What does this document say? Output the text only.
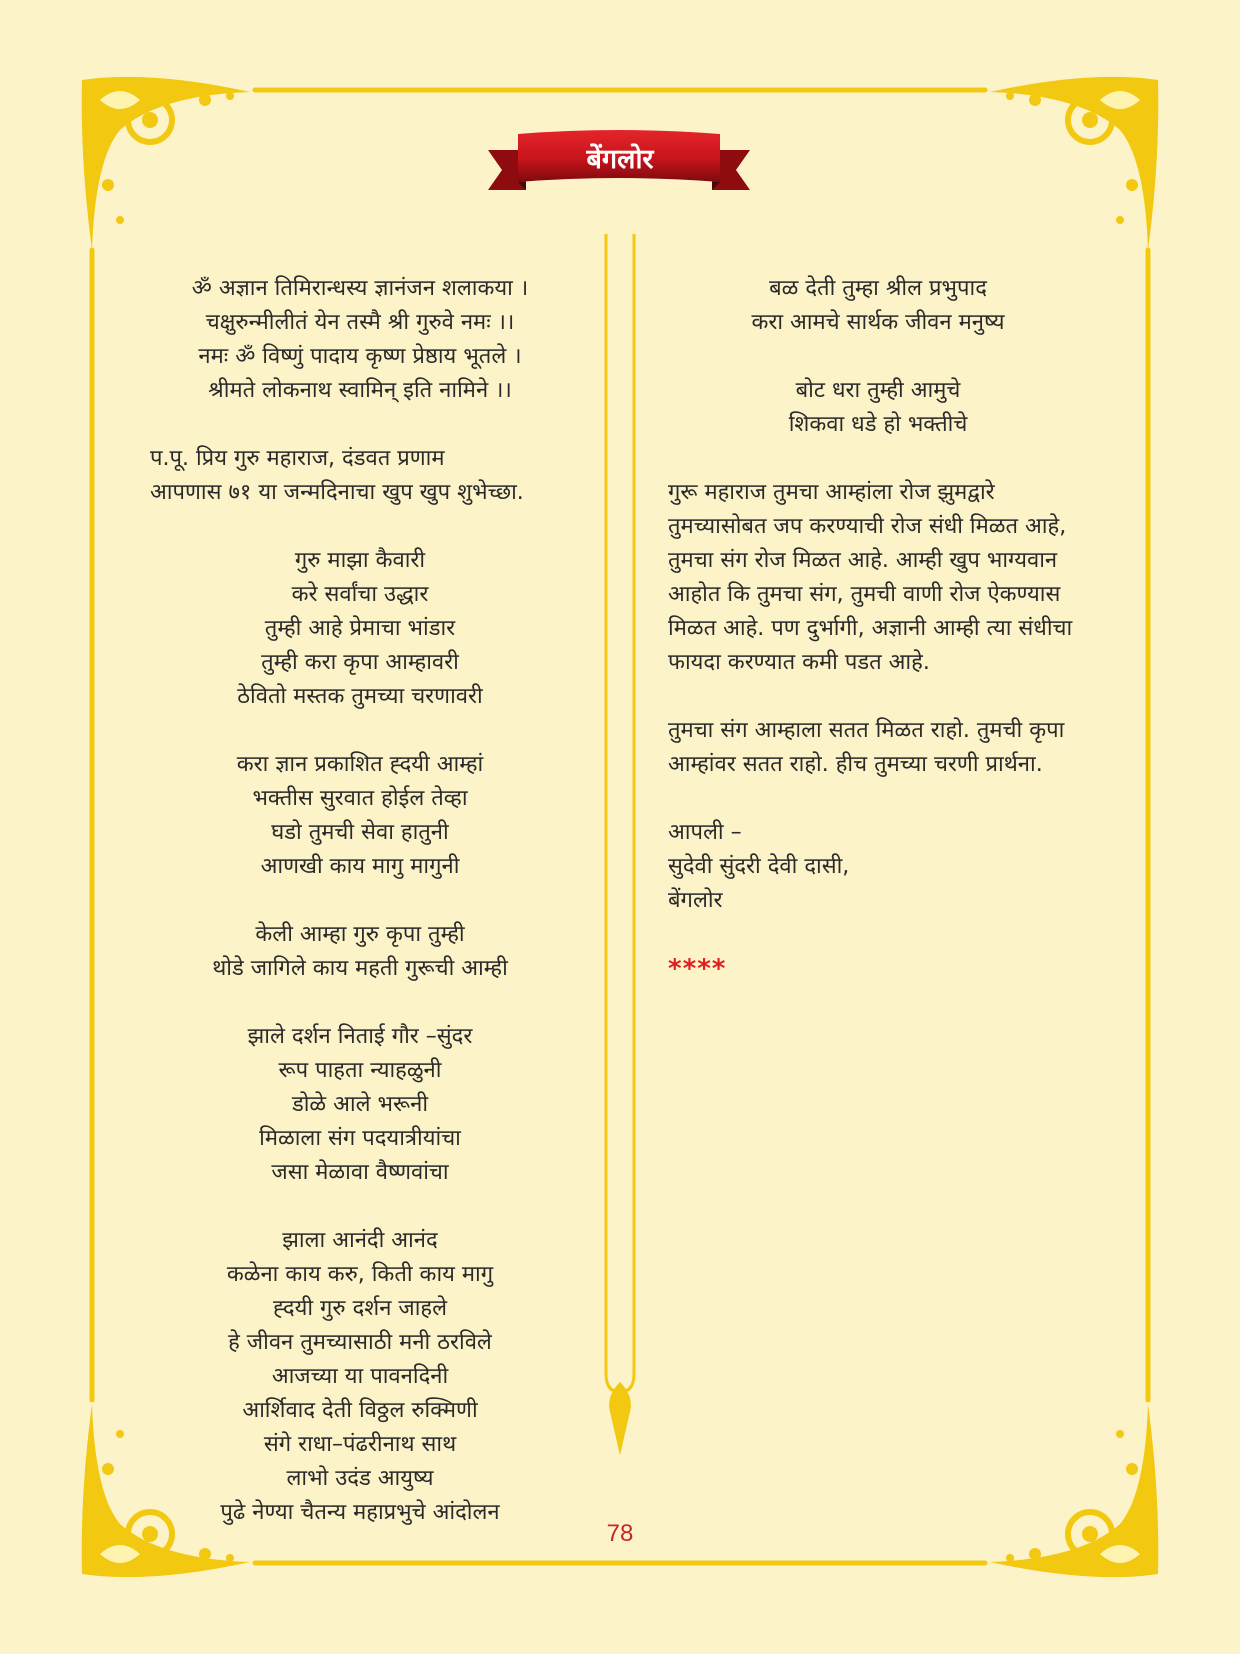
बेंगलोर
ॐ अज्ञान तिमिरान्धस्य ज्ञानंजन शलाकया ।
चक्षुरुन्मीलीतं येन तस्मै श्री गुरुवे नमः ।।
नमः ॐ विष्णुं पादाय कृष्ण प्रेष्ठाय भूतले ।
श्रीमते लोकनाथ स्वामिन् इति नामिने ।।
प.पू. प्रिय गुरु महाराज, दंडवत प्रणाम
आपणास ७१ या जन्मदिनाचा खुप खुप शुभेच्छा.
गुरु माझा कैवारी
करे सर्वांचा उद्धार
तुम्ही आहे प्रेमाचा भांडार
तुम्ही करा कृपा आम्हावरी
ठेवितो मस्तक तुमच्या चरणावरी
करा ज्ञान प्रकाशित ह्दयी आम्हां
भक्तीस सुरवात होईल तेव्हा
घडो तुमची सेवा हातुनी
आणखी काय मागु मागुनी
केली आम्हा गुरु कृपा तुम्ही
थोडे जागिले काय महती गुरूची आम्ही
झाले दर्शन निताई गौर –सुंदर
रूप पाहता न्याहळुनी
डोळे आले भरूनी
मिळाला संग पदयात्रीयांचा
जसा मेळावा वैष्णवांचा
झाला आनंदी आनंद
कळेना काय करु, किती काय मागु
ह्दयी गुरु दर्शन जाहले
हे जीवन तुमच्यासाठी मनी ठरविले
आजच्या या पावनदिनी
आर्शिवाद देती विठ्ठल रुक्मिणी
संगे राधा–पंढरीनाथ साथ
लाभो उदंड आयुष्य
पुढे नेण्या चैतन्य महाप्रभुचे आंदोलन
बळ देती तुम्हा श्रील प्रभुपाद
करा आमचे सार्थक जीवन मनुष्य
बोट धरा तुम्ही आमुचे
शिकवा धडे हो भक्तीचे
गुरू महाराज तुमचा आम्हांला रोज झुमद्वारे तुमच्यासोबत जप करण्याची रोज संधी मिळत आहे, तुमचा संग रोज मिळत आहे. आम्ही खुप भाग्यवान आहोत कि तुमचा संग, तुमची वाणी रोज ऐकण्यास मिळत आहे. पण दुर्भागी, अज्ञानी आम्ही त्या संधीचा फायदा करण्यात कमी पडत आहे.
तुमचा संग आम्हाला सतत मिळत राहो. तुमची कृपा आम्हांवर सतत राहो. हीच तुमच्या चरणी प्रार्थना.
आपली –
सुदेवी सुंदरी देवी दासी,
बेंगलोर
****
78
